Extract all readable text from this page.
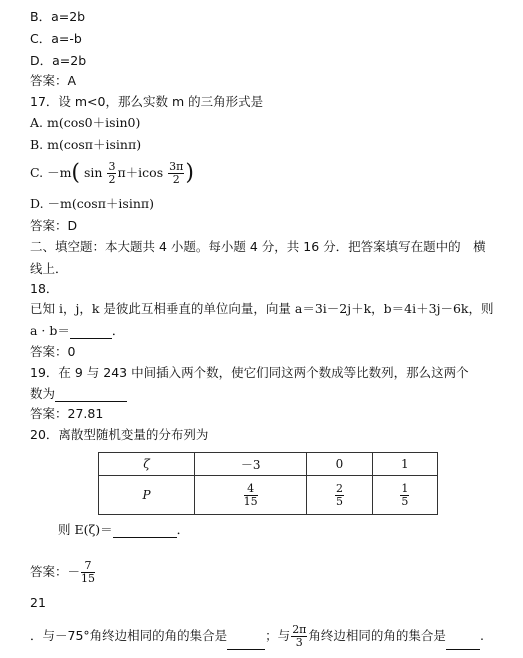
B．a=2b
C．a=-b
D．a=2b
答案：A
17．设 m<0，那么实数 m 的三角形式是
A. m(cos0＋isin0)
B. m(cosπ＋isinπ)
C. －m( $\sin \frac{3}{2} \pi+icos \frac{3\pi}{2}$ )
D. －m(cosπ＋isinπ)
答案：D
二、填空题：本大题共 4 小题。每小题 4 分，共 16 分．把答案填写在题中的　横
线上．
18．
已知 i，j，k 是彼此互相垂直的单位向量，向量 a＝3i－2j＋k，b＝4i＋3j－6k，则
a · b＝	．
答案：0
19．在 9 与 243 中间插入两个数，使它们同这两个数成等比数列，那么这两个
数为
答案：27.81
20．离散型随机变量的分布列为
ζ	－3	0	1
P	$\frac{4}{15}$	$\frac{2}{5}$	$\frac{1}{5}$
则 E(ζ)＝	．
答案：－ $\frac{7}{15}$
21
．与－75°角终边相同的角的集合是	；与 $\frac{2\pi}{3}$ 角终边相同的角的集合是	.
